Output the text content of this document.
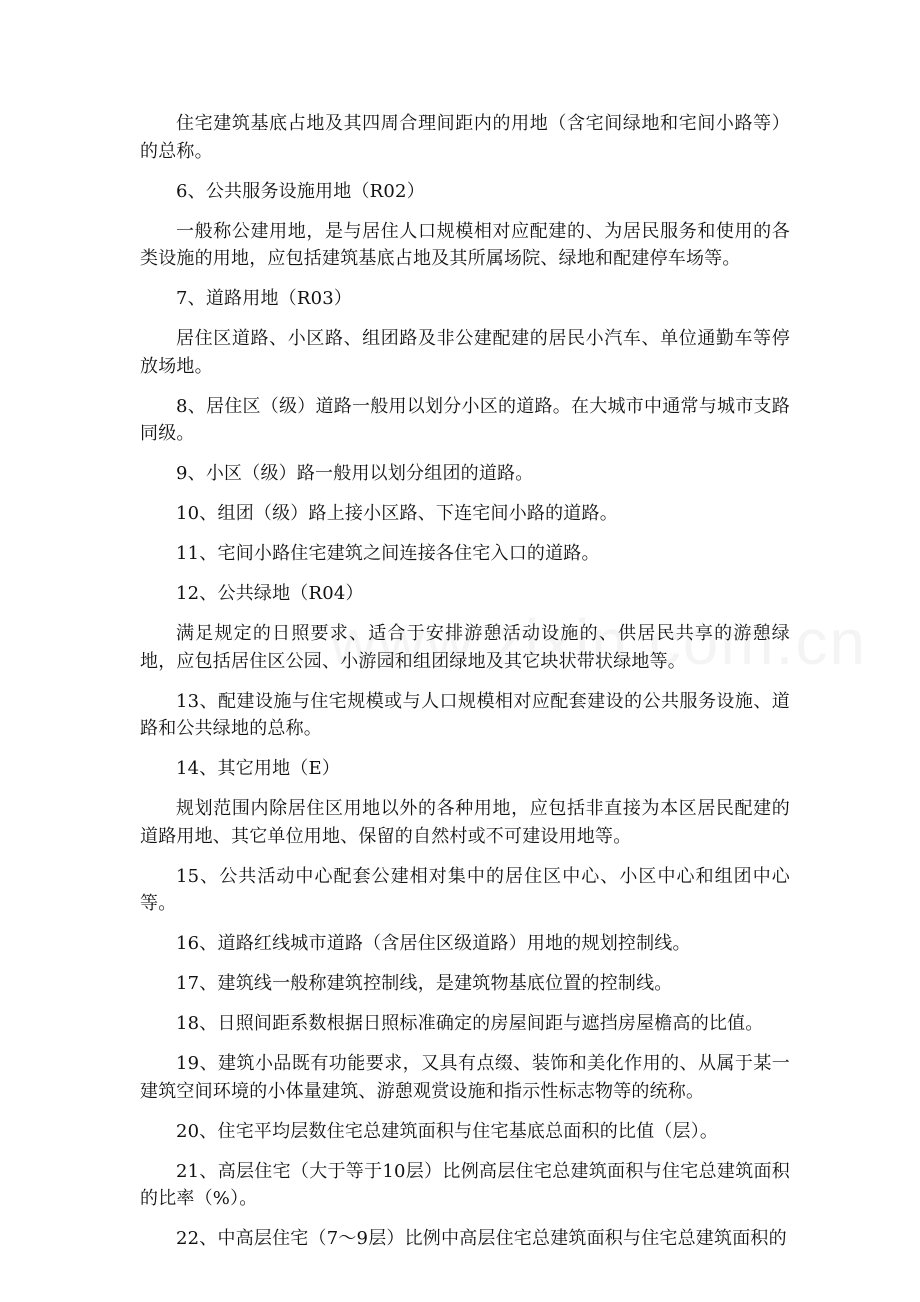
住宅建筑基底占地及其四周合理间距内的用地（含宅间绿地和宅间小路等）的总称。

6、公共服务设施用地（R02）

一般称公建用地，是与居住人口规模相对应配建的、为居民服务和使用的各类设施的用地，应包括建筑基底占地及其所属场院、绿地和配建停车场等。

7、道路用地（R03）

居住区道路、小区路、组团路及非公建配建的居民小汽车、单位通勤车等停放场地。

8、居住区（级）道路一般用以划分小区的道路。在大城市中通常与城市支路同级。

9、小区（级）路一般用以划分组团的道路。

10、组团（级）路上接小区路、下连宅间小路的道路。

11、宅间小路住宅建筑之间连接各住宅入口的道路。

12、公共绿地（R04）

满足规定的日照要求、适合于安排游憩活动设施的、供居民共享的游憩绿地，应包括居住区公园、小游园和组团绿地及其它块状带状绿地等。

13、配建设施与住宅规模或与人口规模相对应配套建设的公共服务设施、道路和公共绿地的总称。

14、其它用地（E）

规划范围内除居住区用地以外的各种用地，应包括非直接为本区居民配建的道路用地、其它单位用地、保留的自然村或不可建设用地等。

15、公共活动中心配套公建相对集中的居住区中心、小区中心和组团中心等。

16、道路红线城市道路（含居住区级道路）用地的规划控制线。

17、建筑线一般称建筑控制线，是建筑物基底位置的控制线。

18、日照间距系数根据日照标准确定的房屋间距与遮挡房屋檐高的比值。

19、建筑小品既有功能要求，又具有点缀、装饰和美化作用的、从属于某一建筑空间环境的小体量建筑、游憩观赏设施和指示性标志物等的统称。

20、住宅平均层数住宅总建筑面积与住宅基底总面积的比值（层）。

21、高层住宅（大于等于10层）比例高层住宅总建筑面积与住宅总建筑面积的比率（%）。

22、中高层住宅（7～9层）比例中高层住宅总建筑面积与住宅总建筑面积的
